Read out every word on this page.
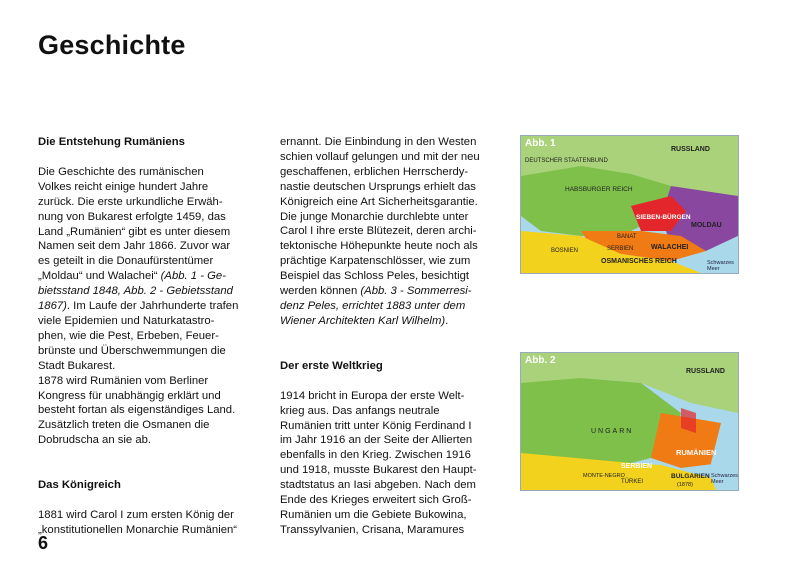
Geschichte
Die Entstehung Rumäniens
Die Geschichte des rumänischen
Volkes reicht einige hundert Jahre
zurück. Die erste urkundliche Erwäh-
nung von Bukarest erfolgte 1459, das
Land „Rumänien“ gibt es unter diesem
Namen seit dem Jahr 1866. Zuvor war
es geteilt in die Donaufürstentümer
„Moldau“ und Walachei“ (Abb. 1 - Ge-
bietsstand 1848, Abb. 2 - Gebietsstand
1867). Im Laufe der Jahrhunderte trafen
viele Epidemien und Naturkatastro-
phen, wie die Pest, Erbeben, Feuer-
brünste und Überschwemmungen die
Stadt Bukarest.
1878 wird Rumänien vom Berliner
Kongress für unabhängig erklärt und
besteht fortan als eigenständiges Land.
Zusätzlich treten die Osmanen die
Dobrudscha an sie ab.
Das Königreich
1881 wird Carol I zum ersten König der
„konstitutionellen Monarchie Rumänien“
ernannt. Die Einbindung in den Westen
schien vollauf gelungen und mit der neu
geschaffenen, erblichen Herrscherdy-
nastie deutschen Ursprungs erhielt das
Königreich eine Art Sicherheitsgarantie.
Die junge Monarchie durchlebte unter
Carol I ihre erste Blütezeit, deren archi-
tektonische Höhepunkte heute noch als
prächtige Karpatenschlösser, wie zum
Beispiel das Schloss Peles, besichtigt
werden können (Abb. 3 - Sommerresi-
denz Peles, errichtet 1883 unter dem
Wiener Architekten Karl Wilhelm).
Der erste Weltkrieg
1914 bricht in Europa der erste Welt-
krieg aus. Das anfangs neutrale
Rumänien tritt unter König Ferdinand I
im Jahr 1916 an der Seite der Allierten
ebenfalls in den Krieg. Zwischen 1916
und 1918, musste Bukarest den Haupt-
stadtstatus an Iasi abgeben. Nach dem
Ende des Krieges erweitert sich Groß-
Rumänien um die Gebiete Bukowina,
Transsylvanien, Crisana, Maramures
6
Abb. 1
RUSSLAND
DEUTSCHER STAATENBUND
HABSBURGER REICH
SIEBEN-BÜRGEN
MOLDAU
WALACHEI
BANAT
OSMANISCHES REICH
SERBIEN
BOSNIEN
Schwarzes Meer
Abb. 2
RUSSLAND
UNGARN
RUMÄNIEN
SERBIEN
BULGARIEN
TÜRKEI
MONTE-NEGRO	Schwarzes Meer
(1878)
